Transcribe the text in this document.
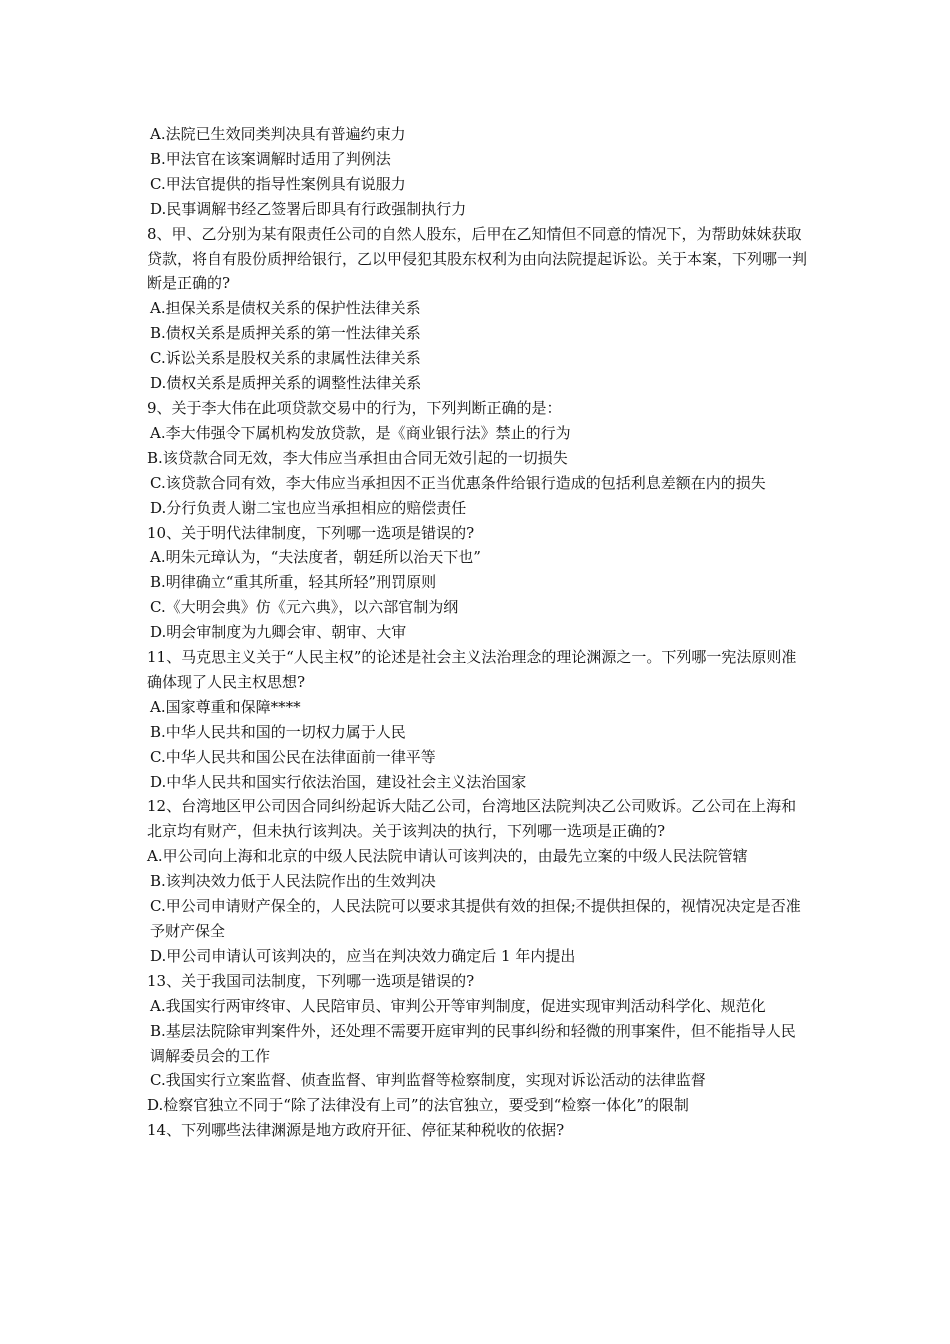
A.法院已生效同类判决具有普遍约束力

B.甲法官在该案调解时适用了判例法

C.甲法官提供的指导性案例具有说服力

D.民事调解书经乙签署后即具有行政强制执行力

8、甲、乙分别为某有限责任公司的自然人股东，后甲在乙知情但不同意的情况下，为帮助妹妹获取贷款，将自有股份质押给银行，乙以甲侵犯其股东权利为由向法院提起诉讼。关于本案，下列哪一判断是正确的?

A.担保关系是债权关系的保护性法律关系

B.债权关系是质押关系的第一性法律关系

C.诉讼关系是股权关系的隶属性法律关系

D.债权关系是质押关系的调整性法律关系

9、关于李大伟在此项贷款交易中的行为，下列判断正确的是：

A.李大伟强令下属机构发放贷款，是《商业银行法》禁止的行为

B.该贷款合同无效，李大伟应当承担由合同无效引起的一切损失

C.该贷款合同有效，李大伟应当承担因不正当优惠条件给银行造成的包括利息差额在内的损失

D.分行负责人谢二宝也应当承担相应的赔偿责任

10、关于明代法律制度，下列哪一选项是错误的?

A.明朱元璋认为，“夫法度者，朝廷所以治天下也”

B.明律确立“重其所重，轻其所轻”刑罚原则

C.《大明会典》仿《元六典》，以六部官制为纲

D.明会审制度为九卿会审、朝审、大审

11、马克思主义关于“人民主权”的论述是社会主义法治理念的理论渊源之一。下列哪一宪法原则准确体现了人民主权思想?

A.国家尊重和保障****

B.中华人民共和国的一切权力属于人民

C.中华人民共和国公民在法律面前一律平等

D.中华人民共和国实行依法治国，建设社会主义法治国家

12、台湾地区甲公司因合同纠纷起诉大陆乙公司，台湾地区法院判决乙公司败诉。乙公司在上海和北京均有财产，但未执行该判决。关于该判决的执行，下列哪一选项是正确的?

A.甲公司向上海和北京的中级人民法院申请认可该判决的，由最先立案的中级人民法院管辖

B.该判决效力低于人民法院作出的生效判决

C.甲公司申请财产保全的，人民法院可以要求其提供有效的担保;不提供担保的，视情况决定是否准予财产保全

D.甲公司申请认可该判决的，应当在判决效力确定后 1 年内提出

13、关于我国司法制度，下列哪一选项是错误的?

A.我国实行两审终审、人民陪审员、审判公开等审判制度，促进实现审判活动科学化、规范化

B.基层法院除审判案件外，还处理不需要开庭审判的民事纠纷和轻微的刑事案件，但不能指导人民调解委员会的工作

C.我国实行立案监督、侦查监督、审判监督等检察制度，实现对诉讼活动的法律监督

D.检察官独立不同于“除了法律没有上司”的法官独立，要受到“检察一体化”的限制

14、下列哪些法律渊源是地方政府开征、停征某种税收的依据?
